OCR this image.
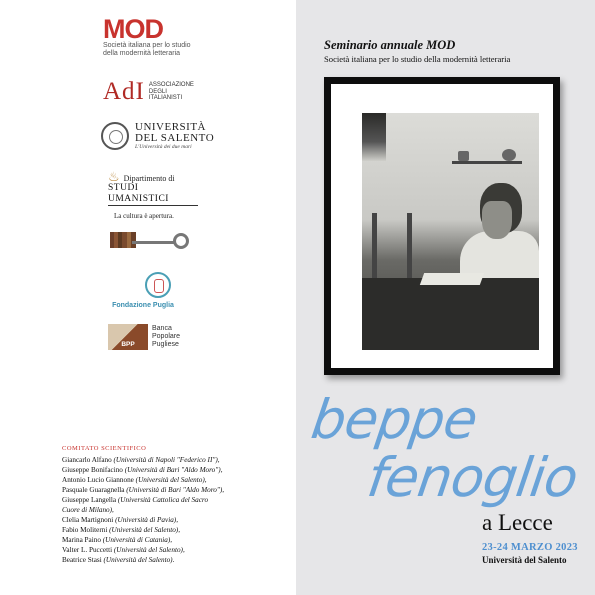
MOD
Società italiana per lo studio
della modernità letteraria
AdI ASSOCIAZIONE
DEGLI
ITALIANISTI
UNIVERSITÀ
DEL SALENTO
L'Università dei due mari
♨ Dipartimento di
STUDI UMANISTICI
La cultura è apertura.
Fondazione Puglia
BPP
Banca
Popolare
Pugliese
COMITATO SCIENTIFICO
Giancarlo Alfano (Università di Napoli "Federico II"),
Giuseppe Bonifacino (Università di Bari "Aldo Moro"),
Antonio Lucio Giannone (Università del Salento),
Pasquale Guaragnella (Università di Bari "Aldo Moro"),
Giuseppe Langella (Università Cattolica del Sacro
Cuore di Milano),
Clelia Martignoni (Università di Pavia),
Fabio Moliterni (Università del Salento),
Marina Paino (Università di Catania),
Valter L. Puccetti (Università del Salento),
Beatrice Stasi (Università del Salento).
Seminario annuale MOD
Società italiana per lo studio della modernità letteraria
beppe
fenoglio
a Lecce
23-24 MARZO 2023
Università del Salento
